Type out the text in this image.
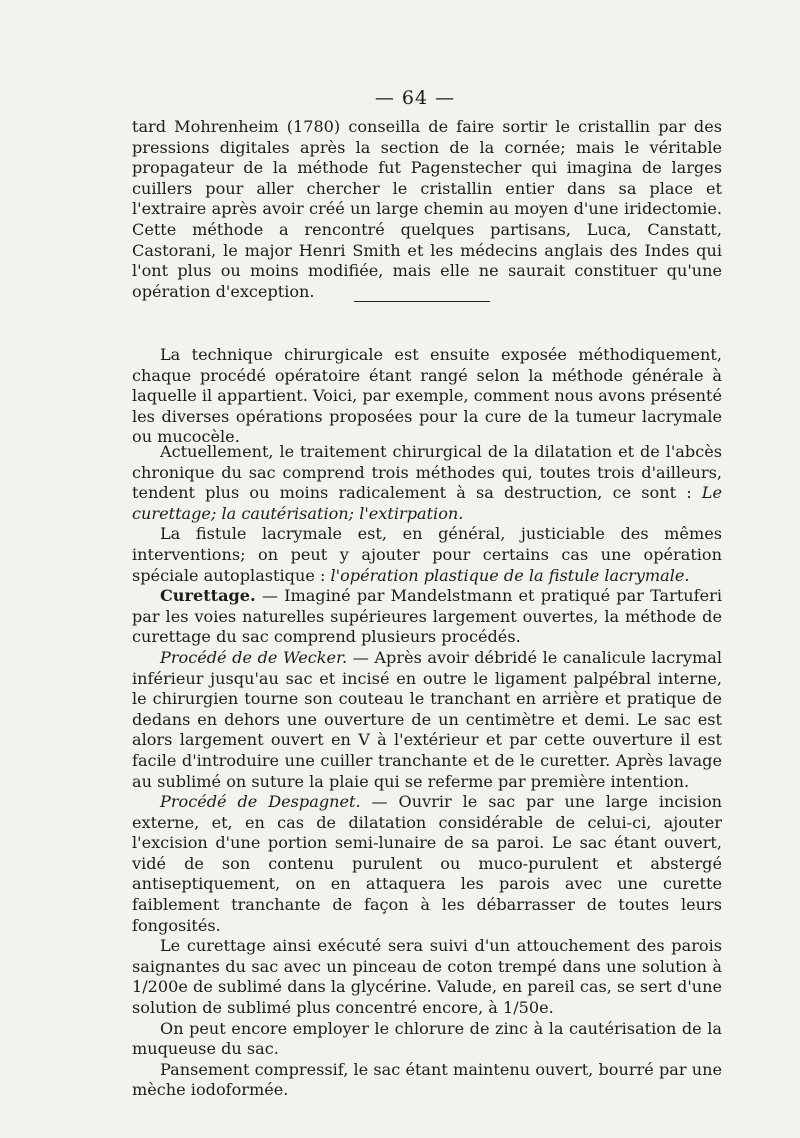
— 64 —

tard Mohrenheim (1780) conseilla de faire sortir le cristallin par des pressions digitales après la section de la cornée; mais le véritable propagateur de la méthode fut Pagenstecher qui imagina de larges cuillers pour aller chercher le cristallin entier dans sa place et l'extraire après avoir créé un large chemin au moyen d'une iridectomie. Cette méthode a rencontré quelques partisans, Luca, Canstatt, Castorani, le major Henri Smith et les médecins anglais des Indes qui l'ont plus ou moins modifiée, mais elle ne saurait constituer qu'une opération d'exception.

La technique chirurgicale est ensuite exposée méthodiquement, chaque procédé opératoire étant rangé selon la méthode générale à laquelle il appartient. Voici, par exemple, comment nous avons présenté les diverses opérations proposées pour la cure de la tumeur lacrymale ou mucocèle.

Actuellement, le traitement chirurgical de la dilatation et de l'abcès chronique du sac comprend trois méthodes qui, toutes trois d'ailleurs, tendent plus ou moins radicalement à sa destruction, ce sont : Le curettage; la cautérisation; l'extirpation.

La fistule lacrymale est, en général, justiciable des mêmes interventions; on peut y ajouter pour certains cas une opération spéciale autoplastique : l'opération plastique de la fistule lacrymale.

Curettage. — Imaginé par Mandelstmann et pratiqué par Tartuferi par les voies naturelles supérieures largement ouvertes, la méthode de curettage du sac comprend plusieurs procédés.

Procédé de de Wecker. — Après avoir débridé le canalicule lacrymal inférieur jusqu'au sac et incisé en outre le ligament palpébral interne, le chirurgien tourne son couteau le tranchant en arrière et pratique de dedans en dehors une ouverture de un centimètre et demi. Le sac est alors largement ouvert en V à l'extérieur et par cette ouverture il est facile d'introduire une cuiller tranchante et de le curetter. Après lavage au sublimé on suture la plaie qui se referme par première intention.

Procédé de Despagnet. — Ouvrir le sac par une large incision externe, et, en cas de dilatation considérable de celui-ci, ajouter l'excision d'une portion semi-lunaire de sa paroi. Le sac étant ouvert, vidé de son contenu purulent ou muco-purulent et abstergé antiseptiquement, on en attaquera les parois avec une curette faiblement tranchante de façon à les débarrasser de toutes leurs fongosités.

Le curettage ainsi exécuté sera suivi d'un attouchement des parois saignantes du sac avec un pinceau de coton trempé dans une solution à 1/200e de sublimé dans la glycérine. Valude, en pareil cas, se sert d'une solution de sublimé plus concentré encore, à 1/50e.

On peut encore employer le chlorure de zinc à la cautérisation de la muqueuse du sac.

Pansement compressif, le sac étant maintenu ouvert, bourré par une mèche iodoformée.
